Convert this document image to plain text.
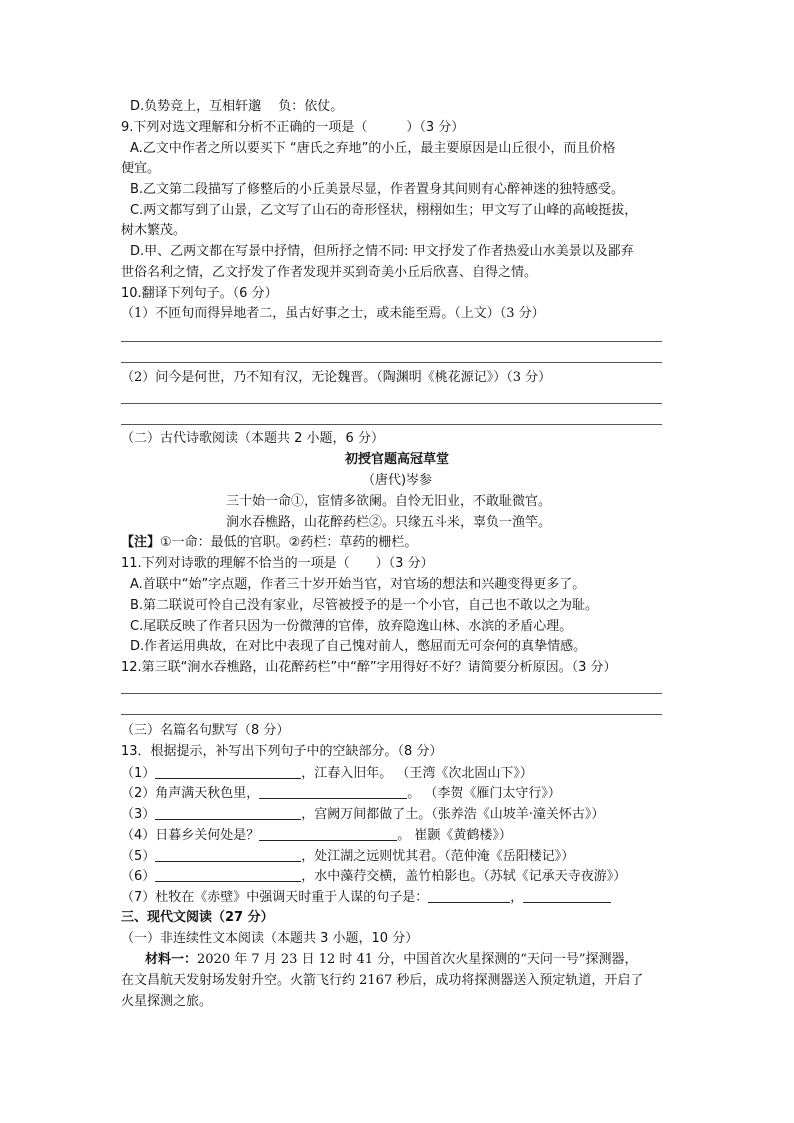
D.负势竞上，互相轩邈　 负：依仗。
9.下列对选文理解和分析不正确的一项是（　　　）（3 分）
A.乙文中作者之所以要买下 “唐氏之弃地”的小丘，最主要原因是山丘很小，而且价格
便宜。
B.乙文第二段描写了修整后的小丘美景尽显，作者置身其间则有心醉神迷的独特感受。
C.两文都写到了山景，乙文写了山石的奇形怪状，栩栩如生；甲文写了山峰的高峻挺拔，
树木繁茂。
D.甲、乙两文都在写景中抒情，但所抒之情不同: 甲文抒发了作者热爱山水美景以及鄙弃
世俗名利之情，乙文抒发了作者发现并买到奇美小丘后欣喜、自得之情。
10.翻译下列句子。（6 分）
（1）不匝旬而得异地者二，虽古好事之士，或未能至焉。（上文）（3 分）
（2）问今是何世，乃不知有汉，无论魏晋。（陶渊明《桃花源记》）（3 分）
（二）古代诗歌阅读（本题共 2 小题，6 分）
初授官题高冠草堂
（唐代)岑参
三十始一命①，宦情多欲阑。自怜无旧业，不敢耻微官。
涧水吞樵路，山花醉药栏②。只缘五斗米，辜负一渔竿。
【注】①一命：最低的官职。②药栏：草药的栅栏。
11.下列对诗歌的理解不恰当的一项是（　　）（3 分）
A.首联中“始”字点题，作者三十岁开始当官，对官场的想法和兴趣变得更多了。
B.第二联说可怜自己没有家业，尽管被授予的是一个小官，自己也不敢以之为耻。
C.尾联反映了作者只因为一份微薄的官俸，放弃隐逸山林、水滨的矛盾心理。
D.作者运用典故，在对比中表现了自己愧对前人，憋屈而无可奈何的真挚情感。
12.第三联“涧水吞樵路，山花醉药栏”中“醉”字用得好不好？请简要分析原因。（3 分）
（三）名篇名句默写（8 分）
13．根据提示，补写出下列句子中的空缺部分。（8 分）
（1）	，江春入旧年。 （王湾《次北固山下》）
（2）角声满天秋色里，	。 （李贺《雁门太守行》）
（3）	，宫阙万间都做了土。（张养浩《山坡羊·潼关怀古》）
（4）日暮乡关何处是？	。 崔颢《黄鹤楼》）
（5）	，处江湖之远则忧其君。（范仲淹《岳阳楼记》）
（6）	，水中藻荇交横，盖竹柏影也。（苏轼《记承天寺夜游》）
（7）杜牧在《赤壁》中强调天时重于人谋的句子是：	，
三、现代文阅读（27 分）
（一）非连续性文本阅读（本题共 3 小题，10 分）
材料一：2020 年 7 月 23 日 12 时 41 分，中国首次火星探测的“天问一号”探测器，
在文昌航天发射场发射升空。火箭飞行约 2167 秒后，成功将探测器送入预定轨道，开启了
火星探测之旅。
